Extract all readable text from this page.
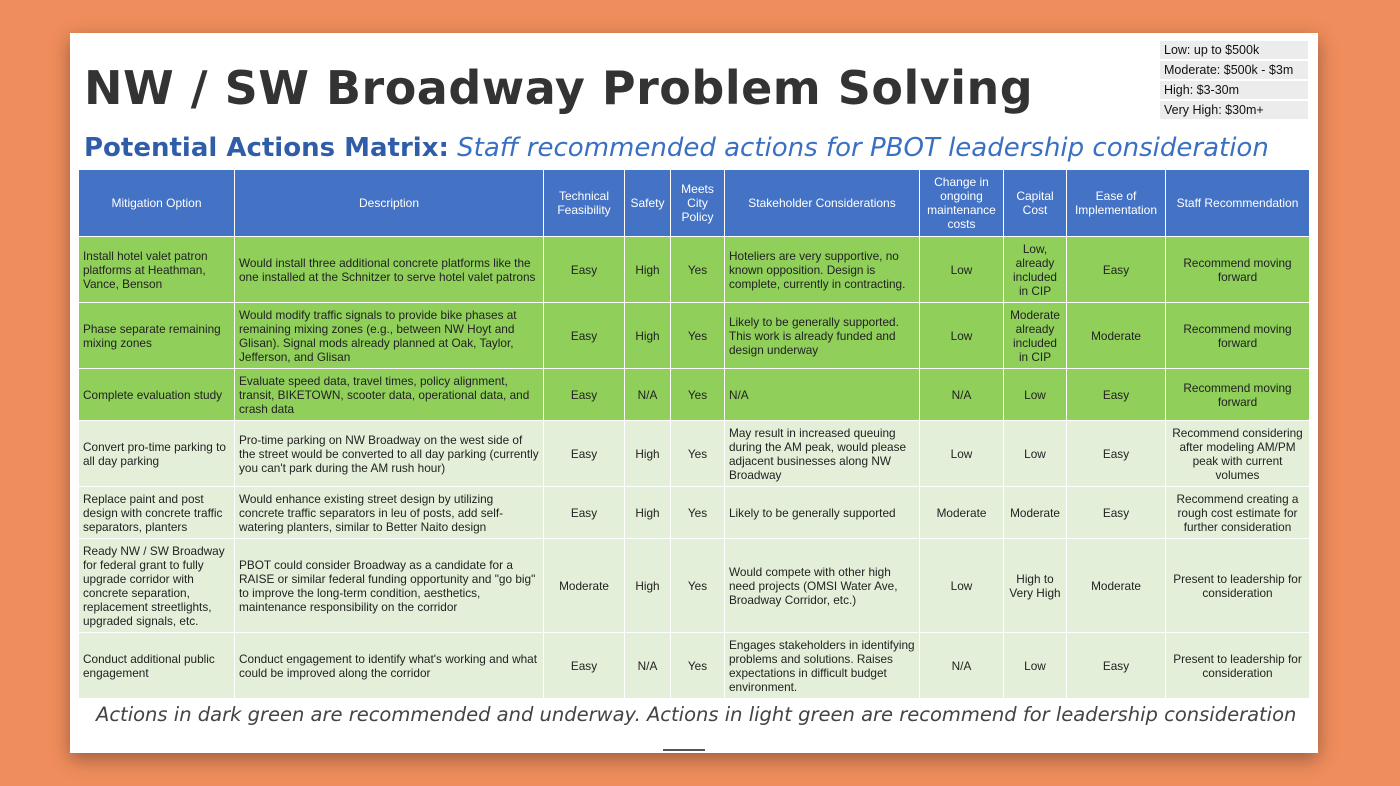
NW / SW Broadway Problem Solving
Low: up to $500k
Moderate: $500k - $3m
High: $3-30m
Very High: $30m+
Potential Actions Matrix: Staff recommended actions for PBOT leadership consideration
Mitigation Option	Description	Technical Feasibility	Safety	Meets City Policy	Stakeholder Considerations	Change in ongoing maintenance costs	Capital Cost	Ease of Implementation	Staff Recommendation
Install hotel valet patron platforms at Heathman, Vance, Benson	Would install three additional concrete platforms like the one installed at the Schnitzer to serve hotel valet patrons	Easy	High	Yes	Hoteliers are very supportive, no known opposition. Design is complete, currently in contracting.	Low	Low, already included in CIP	Easy	Recommend moving forward
Phase separate remaining mixing zones	Would modify traffic signals to provide bike phases at remaining mixing zones (e.g., between NW Hoyt and Glisan). Signal mods already planned at Oak, Taylor, Jefferson, and Glisan	Easy	High	Yes	Likely to be generally supported. This work is already funded and design underway	Low	Moderate already included in CIP	Moderate	Recommend moving forward
Complete evaluation study	Evaluate speed data, travel times, policy alignment, transit, BIKETOWN, scooter data, operational data, and crash data	Easy	N/A	Yes	N/A	N/A	Low	Easy	Recommend moving forward
Convert pro-time parking to all day parking	Pro-time parking on NW Broadway on the west side of the street would be converted to all day parking (currently you can't park during the AM rush hour)	Easy	High	Yes	May result in increased queuing during the AM peak, would please adjacent businesses along NW Broadway	Low	Low	Easy	Recommend considering after modeling AM/PM peak with current volumes
Replace paint and post design with concrete traffic separators, planters	Would enhance existing street design by utilizing concrete traffic separators in leu of posts, add self-watering planters, similar to Better Naito design	Easy	High	Yes	Likely to be generally supported	Moderate	Moderate	Easy	Recommend creating a rough cost estimate for further consideration
Ready NW / SW Broadway for federal grant to fully upgrade corridor with concrete separation, replacement streetlights, upgraded signals, etc.	PBOT could consider Broadway as a candidate for a RAISE or similar federal funding opportunity and "go big" to improve the long-term condition, aesthetics, maintenance responsibility on the corridor	Moderate	High	Yes	Would compete with other high need projects (OMSI Water Ave, Broadway Corridor, etc.)	Low	High to Very High	Moderate	Present to leadership for consideration
Conduct additional public engagement	Conduct engagement to identify what's working and what could be improved along the corridor	Easy	N/A	Yes	Engages stakeholders in identifying problems and solutions. Raises expectations in difficult budget environment.	N/A	Low	Easy	Present to leadership for consideration
Actions in dark green are recommended and underway. Actions in light green are recommend for leadership consideration
